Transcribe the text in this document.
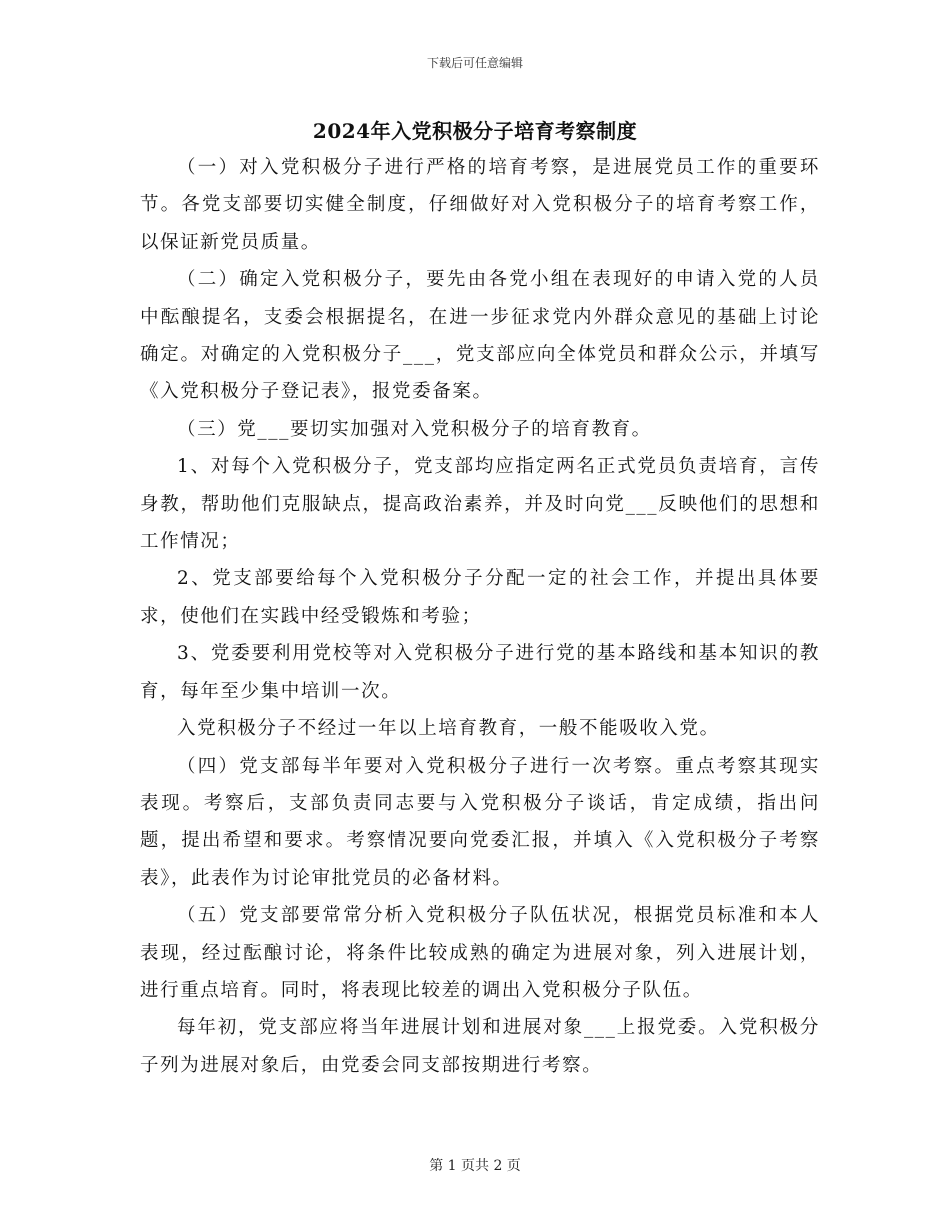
下载后可任意编辑
2024年入党积极分子培育考察制度

（一）对入党积极分子进行严格的培育考察，是进展党员工作的重要环节。各党支部要切实健全制度，仔细做好对入党积极分子的培育考察工作，以保证新党员质量。

（二）确定入党积极分子，要先由各党小组在表现好的申请入党的人员中酝酿提名，支委会根据提名，在进一步征求党内外群众意见的基础上讨论确定。对确定的入党积极分子___，党支部应向全体党员和群众公示，并填写《入党积极分子登记表》，报党委备案。

（三）党___要切实加强对入党积极分子的培育教育。

1、对每个入党积极分子，党支部均应指定两名正式党员负责培育，言传身教，帮助他们克服缺点，提高政治素养，并及时向党___反映他们的思想和工作情况；

2、党支部要给每个入党积极分子分配一定的社会工作，并提出具体要求，使他们在实践中经受锻炼和考验；

3、党委要利用党校等对入党积极分子进行党的基本路线和基本知识的教育，每年至少集中培训一次。

入党积极分子不经过一年以上培育教育，一般不能吸收入党。

（四）党支部每半年要对入党积极分子进行一次考察。重点考察其现实表现。考察后，支部负责同志要与入党积极分子谈话，肯定成绩，指出问题，提出希望和要求。考察情况要向党委汇报，并填入《入党积极分子考察表》，此表作为讨论审批党员的必备材料。

（五）党支部要常常分析入党积极分子队伍状况，根据党员标准和本人表现，经过酝酿讨论，将条件比较成熟的确定为进展对象，列入进展计划，进行重点培育。同时，将表现比较差的调出入党积极分子队伍。

每年初，党支部应将当年进展计划和进展对象___上报党委。入党积极分子列为进展对象后，由党委会同支部按期进行考察。

第 1 页共 2 页
